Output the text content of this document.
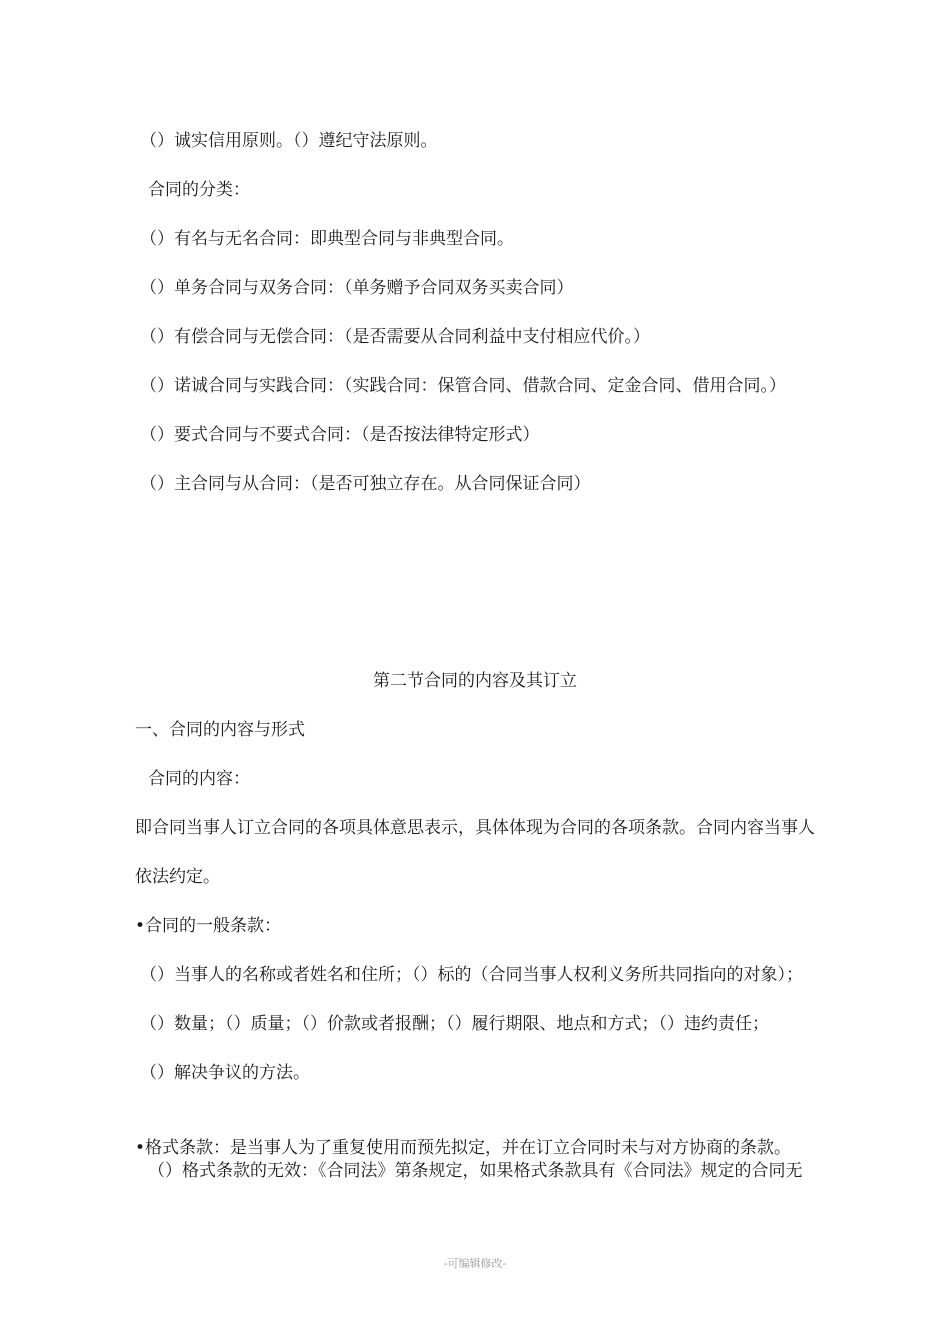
（）诚实信用原则。（）遵纪守法原则。
合同的分类：
（）有名与无名合同：即典型合同与非典型合同。
（）单务合同与双务合同：（单务赠予合同双务买卖合同）
（）有偿合同与无偿合同：（是否需要从合同利益中支付相应代价。）
（）诺诚合同与实践合同：（实践合同：保管合同、借款合同、定金合同、借用合同。）
（）要式合同与不要式合同：（是否按法律特定形式）
（）主合同与从合同：（是否可独立存在。从合同保证合同）
第二节合同的内容及其订立
一、合同的内容与形式
合同的内容：
即合同当事人订立合同的各项具体意思表示，具体体现为合同的各项条款。合同内容当事人
依法约定。
•合同的一般条款：
（）当事人的名称或者姓名和住所；（）标的（合同当事人权利义务所共同指向的对象）；
（）数量；（）质量；（）价款或者报酬；（）履行期限、地点和方式；（）违约责任；
（）解决争议的方法。
•格式条款：是当事人为了重复使用而预先拟定，并在订立合同时未与对方协商的条款。
（）格式条款的无效：《合同法》第条规定，如果格式条款具有《合同法》规定的合同无
-可编辑修改-
